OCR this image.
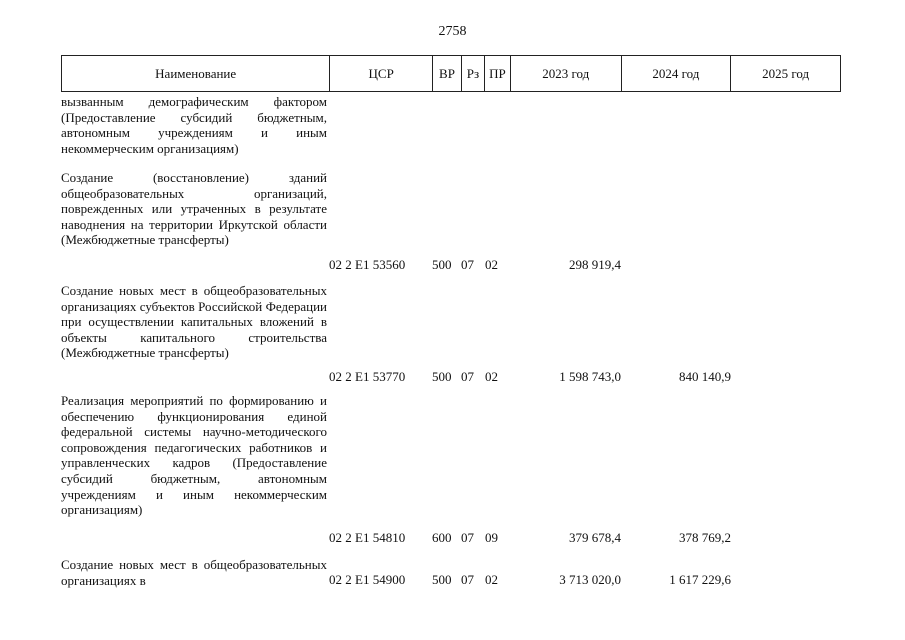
2758
Наименование	ЦСР	ВР Рз ПР	2023 год	2024 год	2025 год
вызванным демографическим фактором (Предоставление субсидий бюджетным, автономным учреждениям и иным некоммерческим организациям)
Создание (восстановление) зданий общеобразовательных организаций, поврежденных или утраченных в результате наводнения на территории Иркутской области (Межбюджетные трансферты)
02 2 E1 53560	500 07 02	298 919,4
Создание новых мест в общеобразовательных организациях субъектов Российской Федерации при осуществлении капитальных вложений в объекты капитального строительства (Межбюджетные трансферты)
02 2 E1 53770	500 07 02	1 598 743,0	840 140,9
Реализация мероприятий по формированию и обеспечению функционирования единой федеральной системы научно-методического сопровождения педагогических работников и управленческих кадров (Предоставление субсидий бюджетным, автономным учреждениям и иным некоммерческим организациям)
02 2 E1 54810	600 07 09	379 678,4	378 769,2
Создание новых мест в общеобразовательных организациях в	02 2 E1 54900	500 07 02	3 713 020,0	1 617 229,6
